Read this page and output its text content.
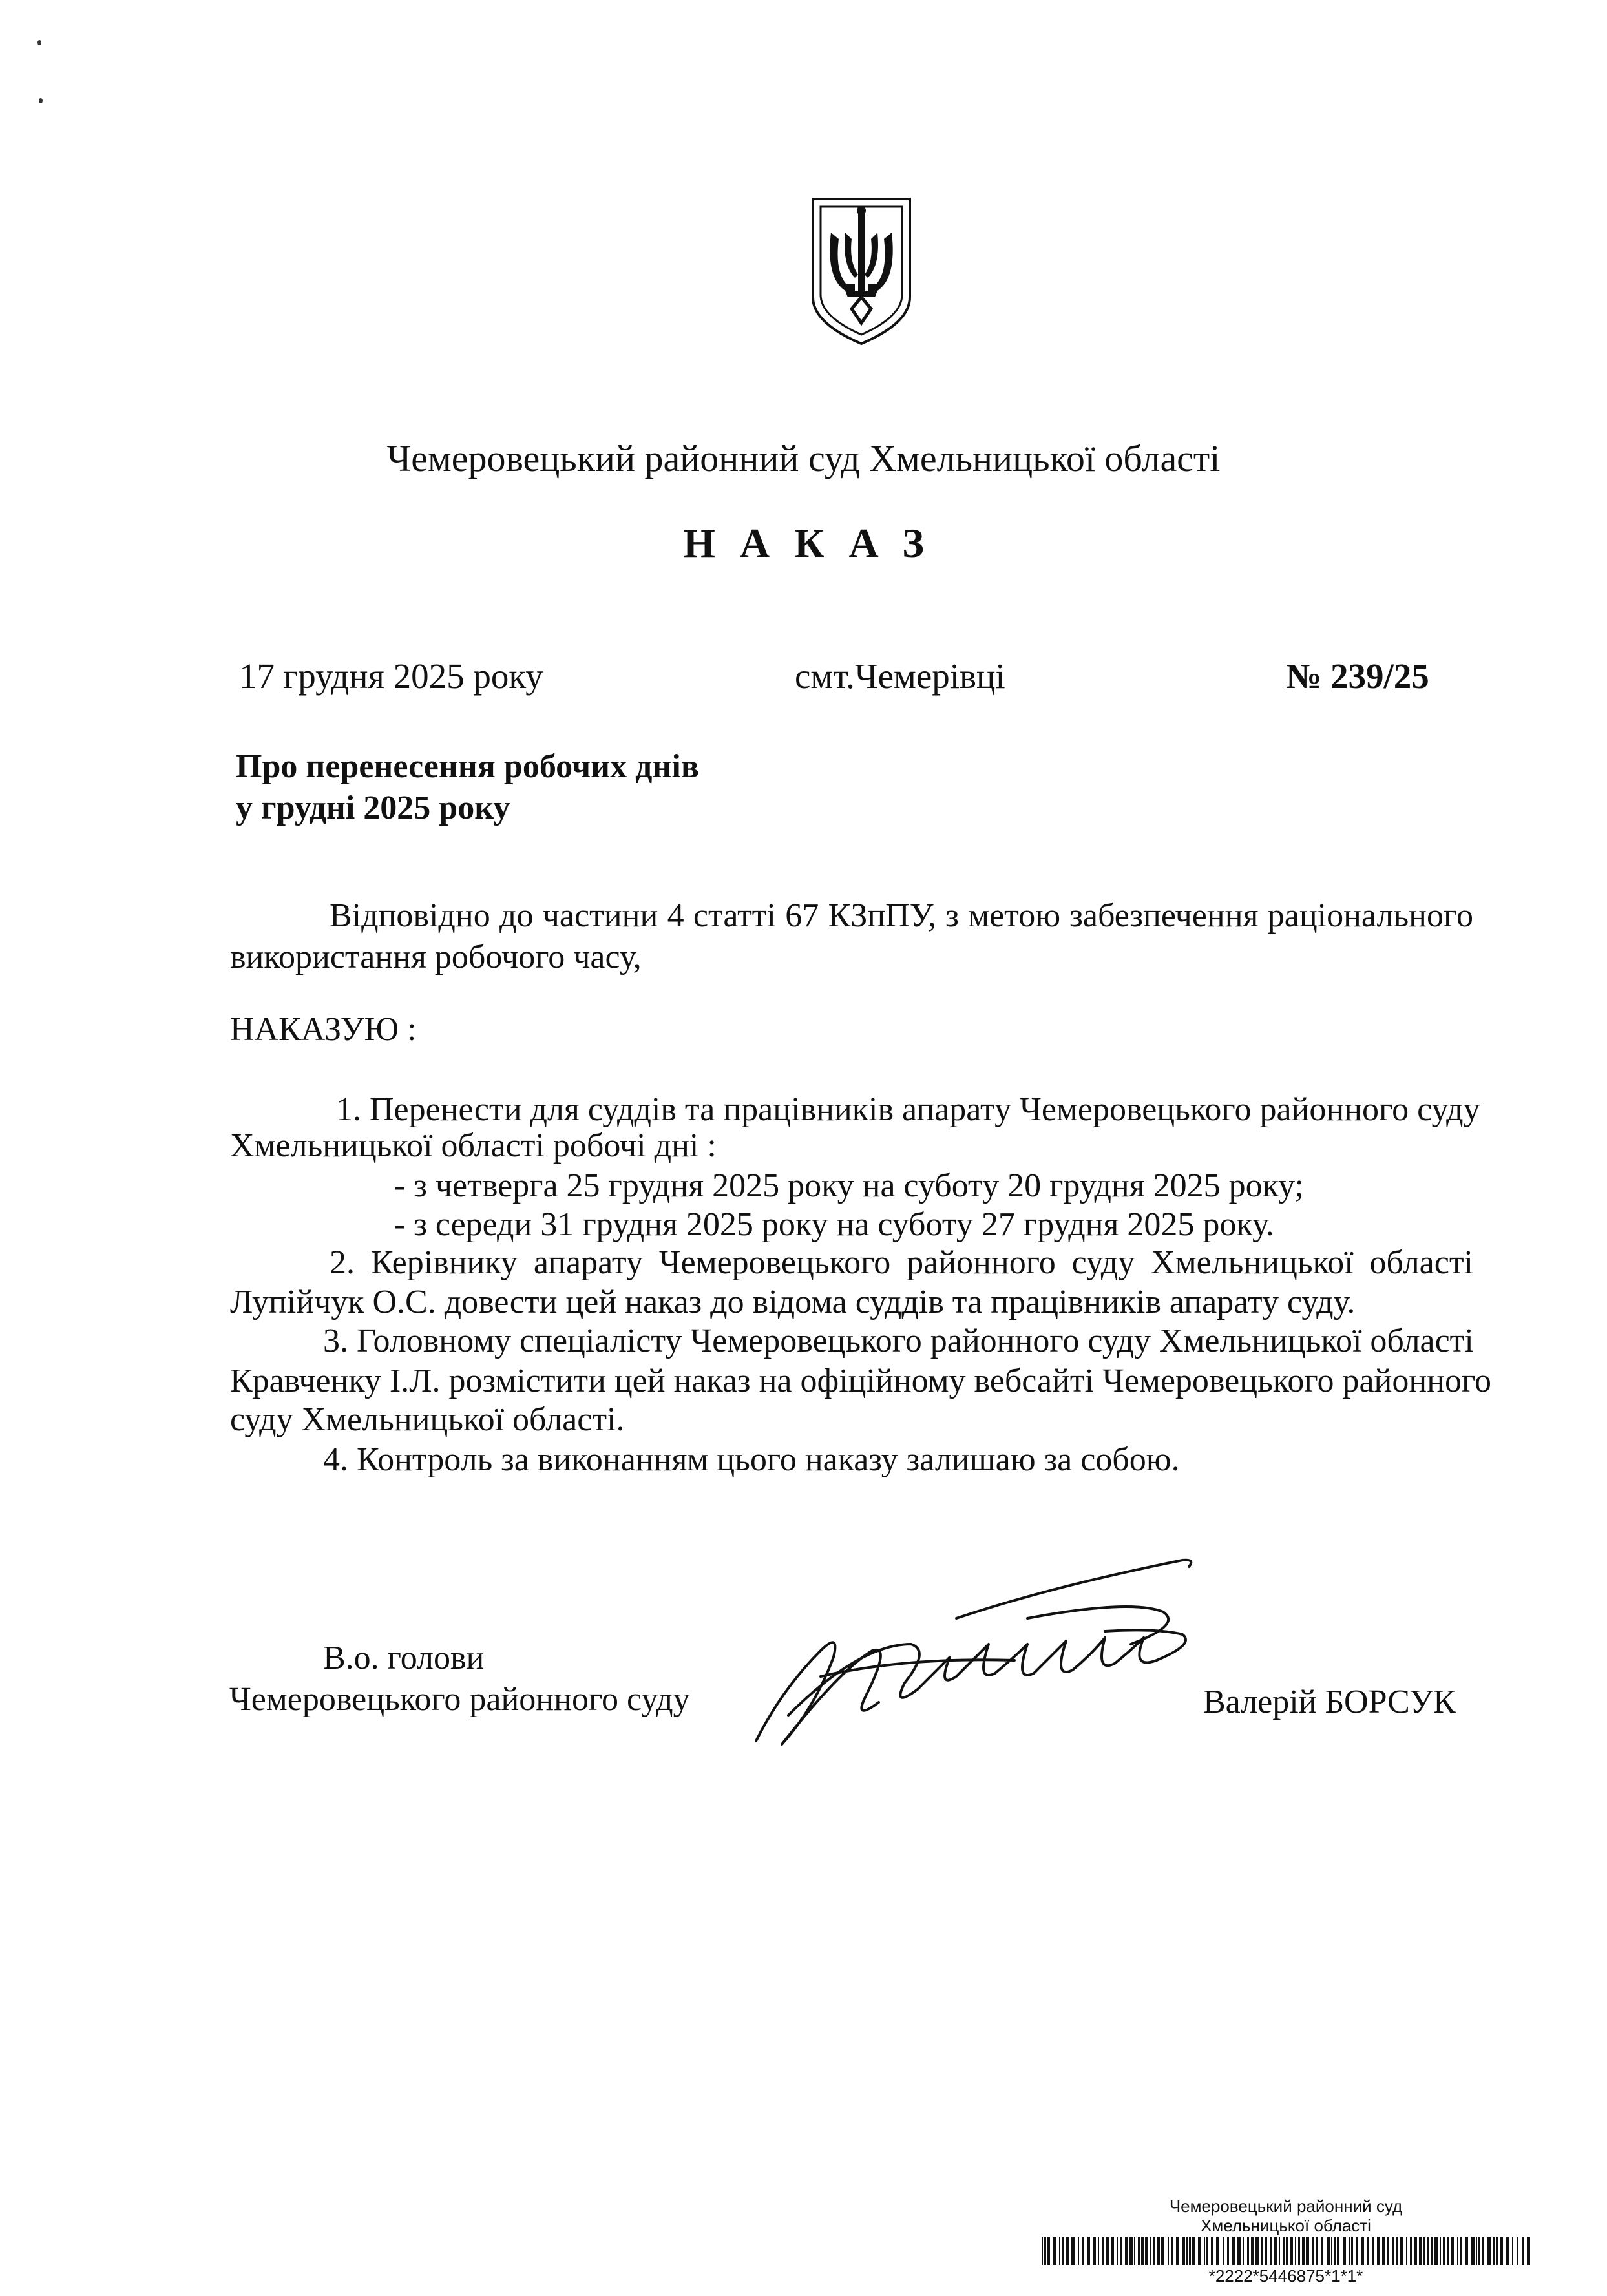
Чемеровецький районний суд Хмельницької області
НАКАЗ
17 грудня 2025 року	смт.Чемерівці	№ 239/25
Про перенесення робочих днів
у грудні 2025 року
Відповідно до частини 4 статті 67 КЗпПУ, з метою забезпечення раціонального
використання робочого часу,
НАКАЗУЮ :
1. Перенести для суддів та працівників апарату Чемеровецького районного суду
Хмельницької області робочі дні :
- з четверга 25 грудня 2025 року на суботу 20 грудня 2025 року;
- з середи 31 грудня 2025 року на суботу 27 грудня 2025 року.
2. Керівнику апарату Чемеровецького районного суду Хмельницької області
Лупійчук О.С. довести цей наказ до відома суддів та працівників апарату суду.
3. Головному спеціалісту Чемеровецького районного суду Хмельницької області
Кравченку І.Л. розмістити цей наказ на офіційному вебсайті Чемеровецького районного
суду Хмельницької області.
4. Контроль за виконанням цього наказу залишаю за собою.
В.о. голови
Чемеровецького районного суду	Валерій БОРСУК
Чемеровецький районний суд
Хмельницької області
*2222*5446875*1*1*
